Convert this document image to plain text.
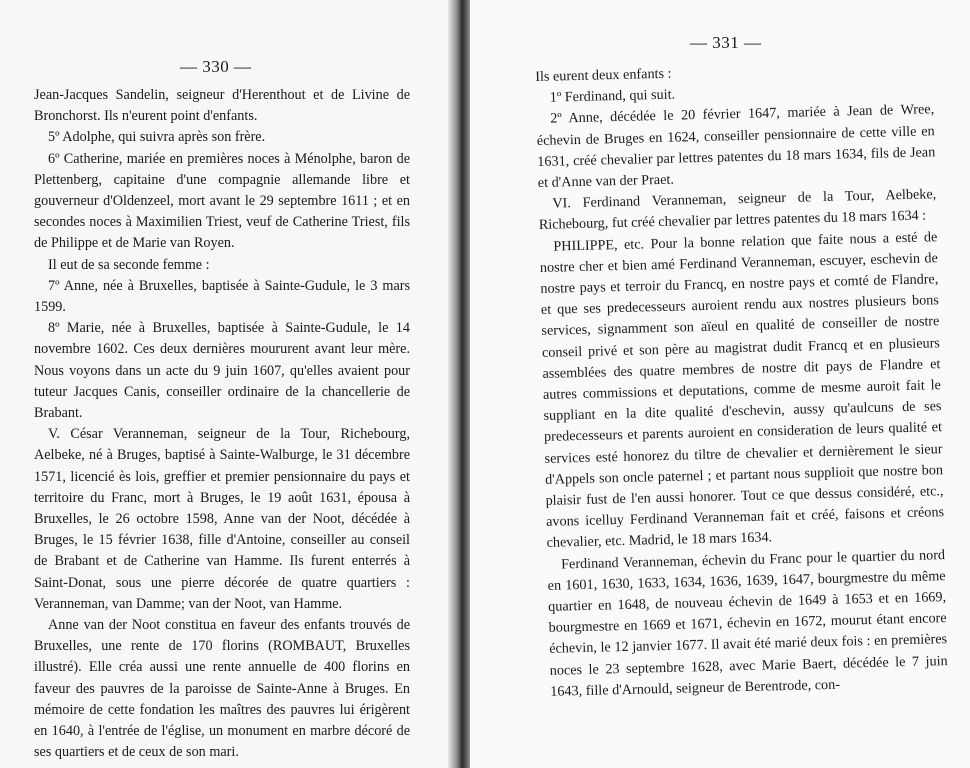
— 330 —

Jean-Jacques Sandelin, seigneur d'Herenthout et de Livine de Bronchorst. Ils n'eurent point d'enfants.

5º Adolphe, qui suivra après son frère.

6º Catherine, mariée en premières noces à Ménolphe, baron de Plettenberg, capitaine d'une compagnie allemande libre et gouverneur d'Oldenzeel, mort avant le 29 septembre 1611 ; et en secondes noces à Maximilien Triest, veuf de Catherine Triest, fils de Philippe et de Marie van Royen.

Il eut de sa seconde femme :

7º Anne, née à Bruxelles, baptisée à Sainte-Gudule, le 3 mars 1599.

8º Marie, née à Bruxelles, baptisée à Sainte-Gudule, le 14 novembre 1602. Ces deux dernières moururent avant leur mère. Nous voyons dans un acte du 9 juin 1607, qu'elles avaient pour tuteur Jacques Canis, conseiller ordinaire de la chancellerie de Brabant.

V. César Veranneman, seigneur de la Tour, Richebourg, Aelbeke, né à Bruges, baptisé à Sainte-Walburge, le 31 décembre 1571, licencié ès lois, greffier et premier pensionnaire du pays et territoire du Franc, mort à Bruges, le 19 août 1631, épousa à Bruxelles, le 26 octobre 1598, Anne van der Noot, décédée à Bruges, le 15 février 1638, fille d'Antoine, conseiller au conseil de Brabant et de Catherine van Hamme. Ils furent enterrés à Saint-Donat, sous une pierre décorée de quatre quartiers : Veranneman, van Damme; van der Noot, van Hamme.

Anne van der Noot constitua en faveur des enfants trouvés de Bruxelles, une rente de 170 florins (ROMBAUT, Bruxelles illustré). Elle créa aussi une rente annuelle de 400 florins en faveur des pauvres de la paroisse de Sainte-Anne à Bruges. En mémoire de cette fondation les maîtres des pauvres lui érigèrent en 1640, à l'entrée de l'église, un monument en marbre décoré de ses quartiers et de ceux de son mari.

— 331 —

Ils eurent deux enfants :

1º Ferdinand, qui suit.

2º Anne, décédée le 20 février 1647, mariée à Jean de Wree, échevin de Bruges en 1624, conseiller pensionnaire de cette ville en 1631, créé chevalier par lettres patentes du 18 mars 1634, fils de Jean et d'Anne van der Praet.

VI. Ferdinand Veranneman, seigneur de la Tour, Aelbeke, Richebourg, fut créé chevalier par lettres patentes du 18 mars 1634 :

PHILIPPE, etc. Pour la bonne relation que faite nous a esté de nostre cher et bien amé Ferdinand Veranneman, escuyer, eschevin de nostre pays et terroir du Francq, en nostre pays et comté de Flandre, et que ses predecesseurs auroient rendu aux nostres plusieurs bons services, signamment son aïeul en qualité de conseiller de nostre conseil privé et son père au magistrat dudit Francq et en plusieurs assemblées des quatre membres de nostre dit pays de Flandre et autres commissions et deputations, comme de mesme auroit fait le suppliant en la dite qualité d'eschevin, aussy qu'aulcuns de ses predecesseurs et parents auroient en consideration de leurs qualité et services esté honorez du tiltre de chevalier et dernièrement le sieur d'Appels son oncle paternel ; et partant nous supplioit que nostre bon plaisir fust de l'en aussi honorer. Tout ce que dessus considéré, etc., avons icelluy Ferdinand Veranneman fait et créé, faisons et créons chevalier, etc. Madrid, le 18 mars 1634.

Ferdinand Veranneman, échevin du Franc pour le quartier du nord en 1601, 1630, 1633, 1634, 1636, 1639, 1647, bourgmestre du même quartier en 1648, de nouveau échevin de 1649 à 1653 et en 1669, bourgmestre en 1669 et 1671, échevin en 1672, mourut étant encore échevin, le 12 janvier 1677. Il avait été marié deux fois : en premières noces le 23 septembre 1628, avec Marie Baert, décédée le 7 juin 1643, fille d'Arnould, seigneur de Berentrode, con-
